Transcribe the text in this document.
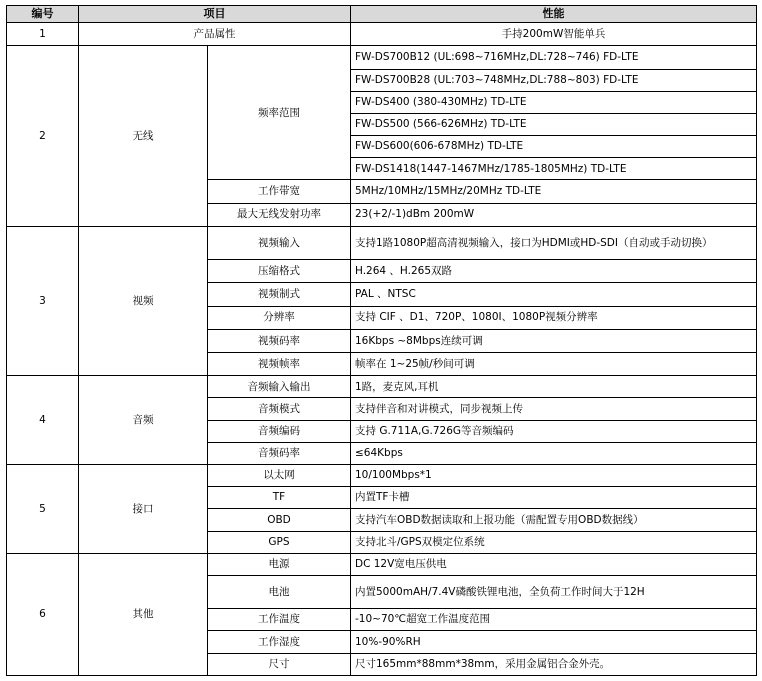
编号	项目		性能
1	产品属性		手持200mW智能单兵
2	无线	频率范围	FW-DS700B12 (UL:698~716MHz,DL:728~746) FD-LTE
			FW-DS700B28 (UL:703~748MHz,DL:788~803) FD-LTE
			FW-DS400 (380-430MHz) TD-LTE
			FW-DS500 (566-626MHz) TD-LTE
			FW-DS600(606-678MHz) TD-LTE
			FW-DS1418(1447-1467MHz/1785-1805MHz) TD-LTE
		工作带宽	5MHz/10MHz/15MHz/20MHz TD-LTE
		最大无线发射功率	23(+2/-1)dBm 200mW
3	视频	视频输入	支持1路1080P超高清视频输入，接口为HDMI或HD-SDI（自动或手动切换）
		压缩格式	H.264 、H.265双路
		视频制式	PAL 、NTSC
		分辨率	支持 CIF 、D1、720P、1080I、1080P视频分辨率
		视频码率	16Kbps ~8Mbps连续可调
		视频帧率	帧率在 1~25帧/秒间可调
4	音频	音频输入输出	1路，麦克风,耳机
		音频模式	支持伴音和对讲模式，同步视频上传
		音频编码	支持 G.711A,G.726G等音频编码
		音频码率	≤64Kbps
5	接口	以太网	10/100Mbps*1
		TF	内置TF卡槽
		OBD	支持汽车OBD数据读取和上报功能（需配置专用OBD数据线）
		GPS	支持北斗/GPS双模定位系统
6	其他	电源	DC 12V宽电压供电
		电池	内置5000mAH/7.4V磷酸铁锂电池，全负荷工作时间大于12H
		工作温度	-10~70℃超宽工作温度范围
		工作湿度	10%-90%RH
		尺寸	尺寸165mm*88mm*38mm，采用金属铝合金外壳。
